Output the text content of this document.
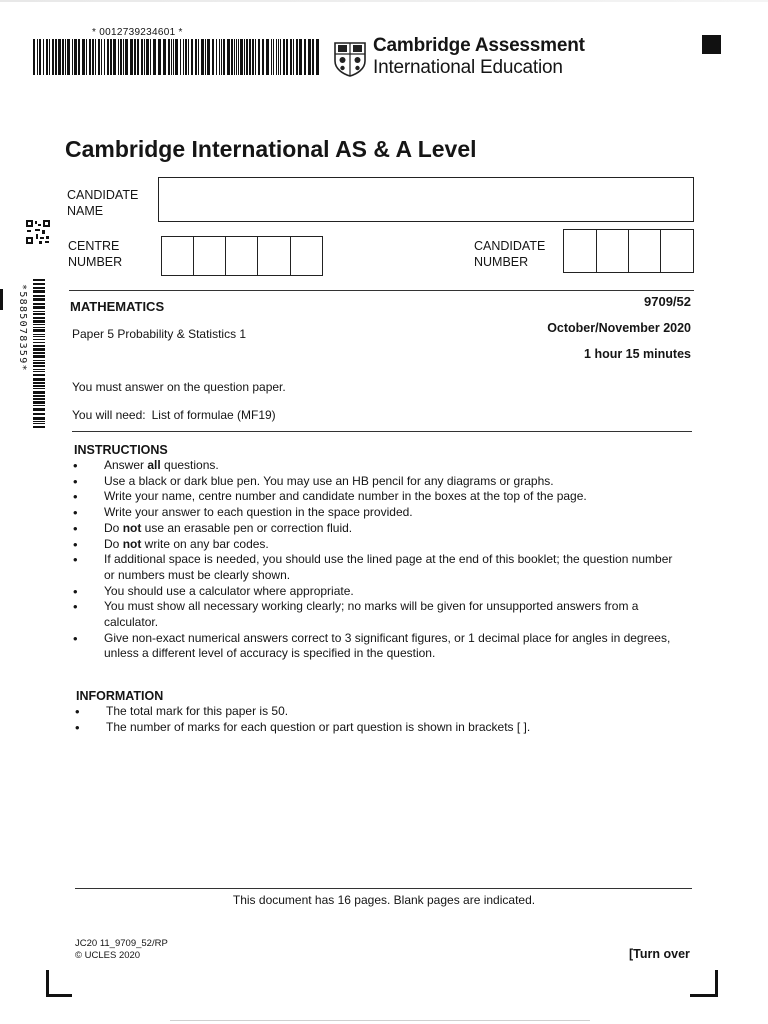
* 0012739234601 *
Cambridge Assessment
International Education
*5885078359*
Cambridge International AS & A Level
CANDIDATE NAME
CENTRE NUMBER
CANDIDATE NUMBER
MATHEMATICS	9709/52
Paper 5 Probability & Statistics 1	October/November 2020
1 hour 15 minutes
You must answer on the question paper.
You will need: List of formulae (MF19)
INSTRUCTIONS
• Answer all questions.
• Use a black or dark blue pen. You may use an HB pencil for any diagrams or graphs.
• Write your name, centre number and candidate number in the boxes at the top of the page.
• Write your answer to each question in the space provided.
• Do not use an erasable pen or correction fluid.
• Do not write on any bar codes.
• If additional space is needed, you should use the lined page at the end of this booklet; the question number or numbers must be clearly shown.
• You should use a calculator where appropriate.
• You must show all necessary working clearly; no marks will be given for unsupported answers from a calculator.
• Give non-exact numerical answers correct to 3 significant figures, or 1 decimal place for angles in degrees, unless a different level of accuracy is specified in the question.
INFORMATION
• The total mark for this paper is 50.
• The number of marks for each question or part question is shown in brackets [ ].
This document has 16 pages. Blank pages are indicated.
JC20 11_9709_52/RP
© UCLES 2020	[Turn over
